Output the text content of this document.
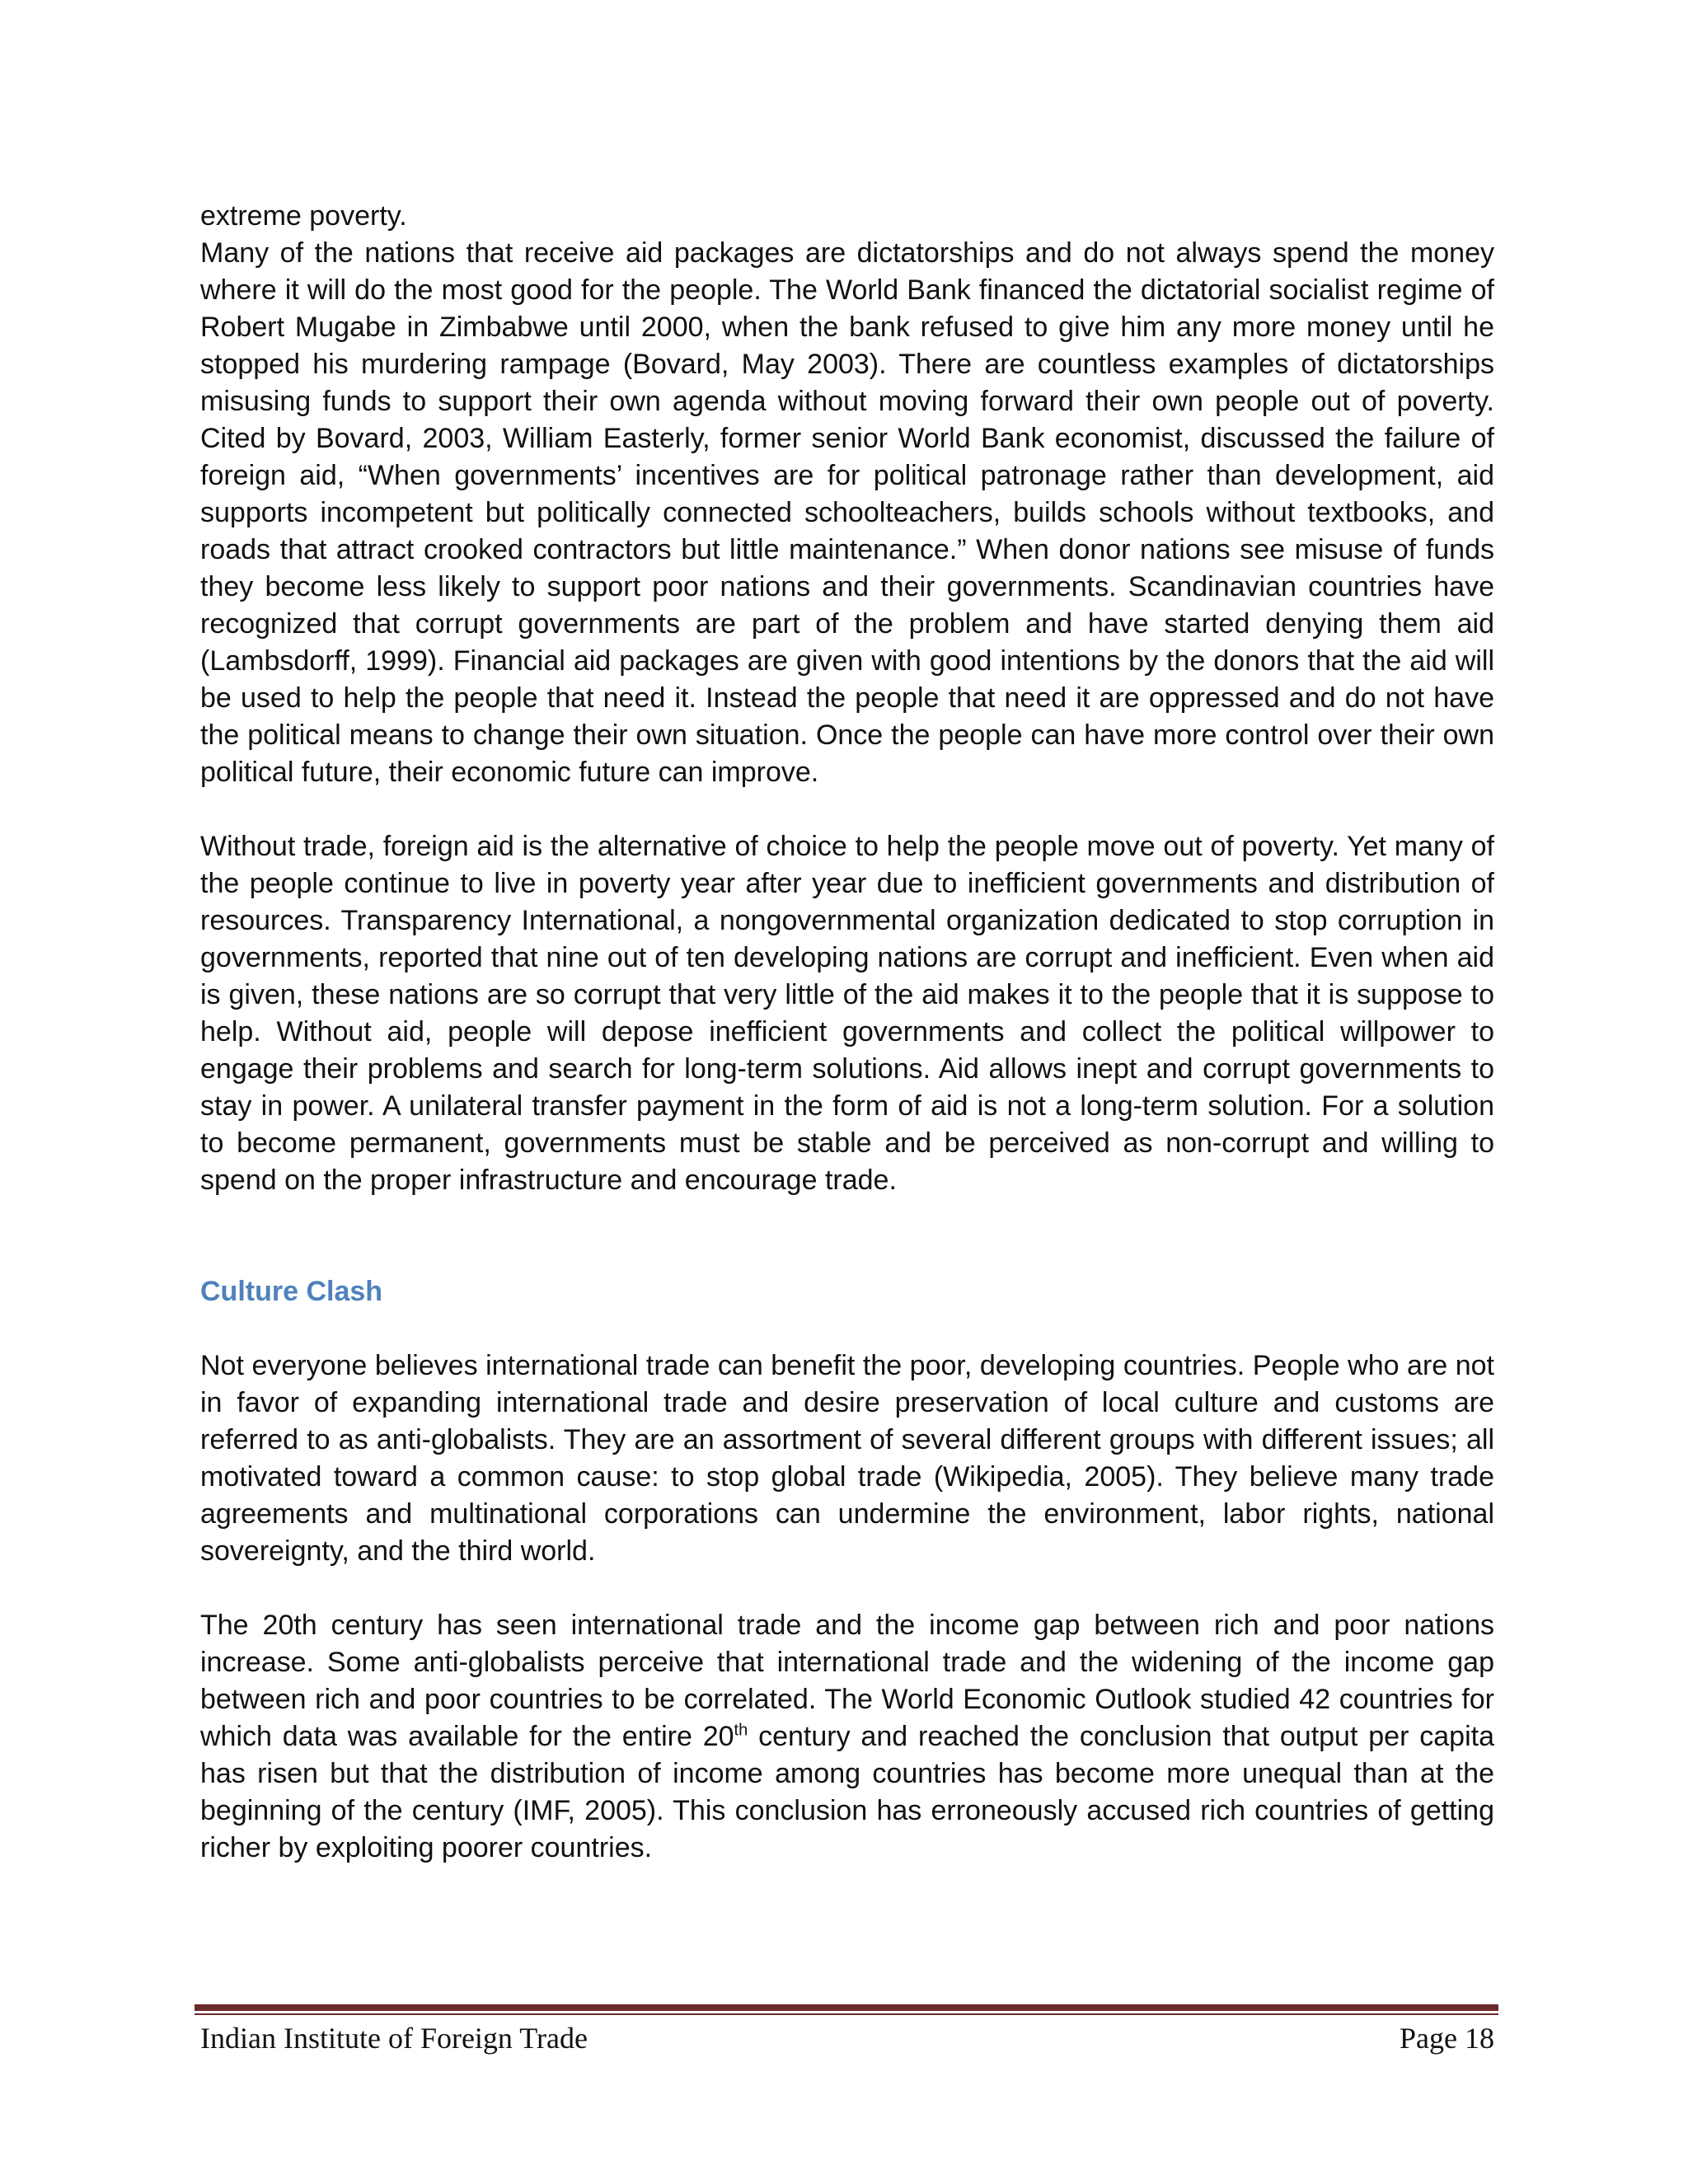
extreme poverty.

Many of the nations that receive aid packages are dictatorships and do not always spend the money where it will do the most good for the people. The World Bank financed the dictatorial socialist regime of Robert Mugabe in Zimbabwe until 2000, when the bank refused to give him any more money until he stopped his murdering rampage (Bovard, May 2003). There are countless examples of dictatorships misusing funds to support their own agenda without moving forward their own people out of poverty. Cited by Bovard, 2003, William Easterly, former senior World Bank economist, discussed the failure of foreign aid, “When governments’ incentives are for political patronage rather than development, aid supports incompetent but politically connected schoolteachers, builds schools without textbooks, and roads that attract crooked contractors but little maintenance.” When donor nations see misuse of funds they become less likely to support poor nations and their governments. Scandinavian countries have recognized that corrupt governments are part of the problem and have started denying them aid (Lambsdorff, 1999). Financial aid packages are given with good intentions by the donors that the aid will be used to help the people that need it. Instead the people that need it are oppressed and do not have the political means to change their own situation. Once the people can have more control over their own political future, their economic future can improve.

Without trade, foreign aid is the alternative of choice to help the people move out of poverty. Yet many of the people continue to live in poverty year after year due to inefficient governments and distribution of resources. Transparency International, a nongovernmental organization dedicated to stop corruption in governments, reported that nine out of ten developing nations are corrupt and inefficient. Even when aid is given, these nations are so corrupt that very little of the aid makes it to the people that it is suppose to help. Without aid, people will depose inefficient governments and collect the political willpower to engage their problems and search for long-term solutions. Aid allows inept and corrupt governments to stay in power. A unilateral transfer payment in the form of aid is not a long-term solution. For a solution to become permanent, governments must be stable and be perceived as non-corrupt and willing to spend on the proper infrastructure and encourage trade.

Culture Clash

Not everyone believes international trade can benefit the poor, developing countries. People who are not in favor of expanding international trade and desire preservation of local culture and customs are referred to as anti-globalists. They are an assortment of several different groups with different issues; all motivated toward a common cause: to stop global trade (Wikipedia, 2005). They believe many trade agreements and multinational corporations can undermine the environment, labor rights, national sovereignty, and the third world.

The 20th century has seen international trade and the income gap between rich and poor nations increase. Some anti-globalists perceive that international trade and the widening of the income gap between rich and poor countries to be correlated. The World Economic Outlook studied 42 countries for which data was available for the entire 20th century and reached the conclusion that output per capita has risen but that the distribution of income among countries has become more unequal than at the beginning of the century (IMF, 2005). This conclusion has erroneously accused rich countries of getting richer by exploiting poorer countries.

Indian Institute of Foreign Trade	Page 18
